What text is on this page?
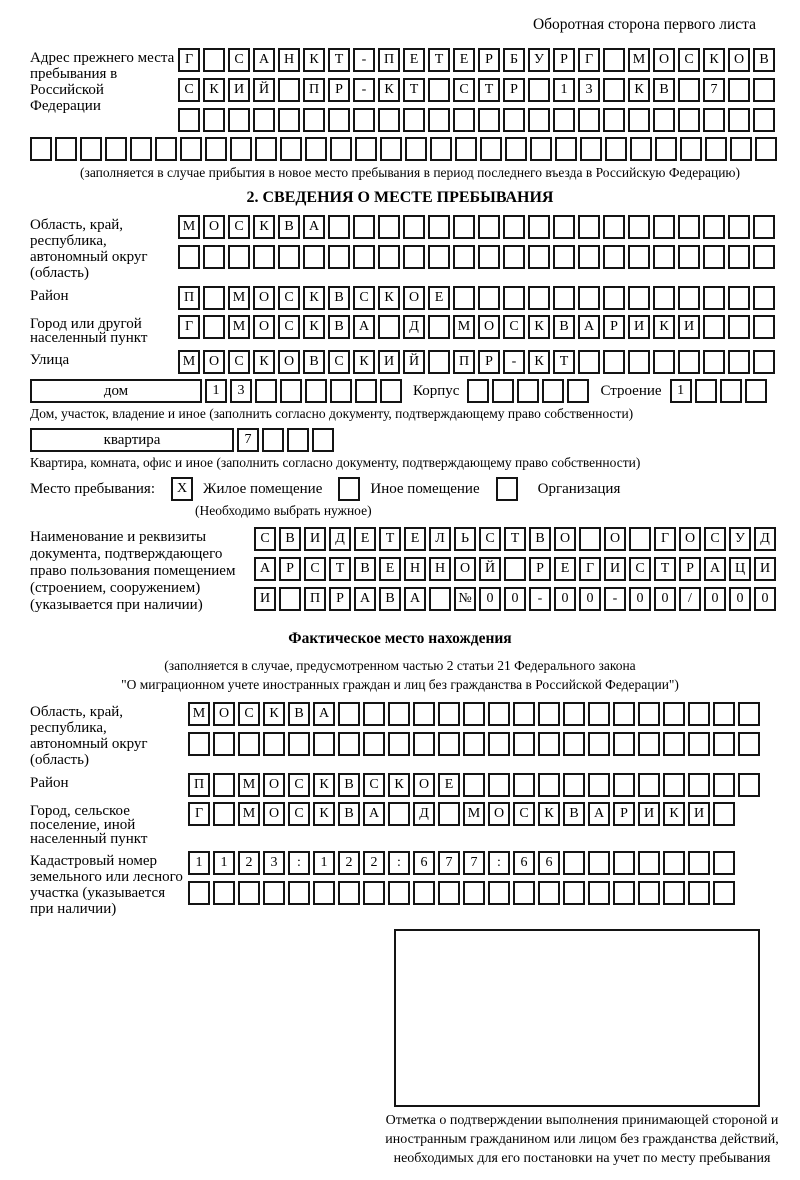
Оборотная сторона первого листа
Адрес прежнего места пребывания в Российской Федерации
Г	С	А	Н	К	Т	-	П	Е	Т	Е	Р	Б	У	Р	Г	М О	С	К	О	В
С	К	И	Й	П	Р	-	К	Т	С	Т	Р	1	3	К	В	7
(заполняется в случае прибытия в новое место пребывания в период последнего въезда в Российскую Федерацию)
2. СВЕДЕНИЯ О МЕСТЕ ПРЕБЫВАНИЯ
Область, край, республика, автономный округ (область)
М О	С	К	В	А
Район	П	М О	С	К	В	С	К	О	Е
Город или другой населенный пункт
Г	М О	С	К	В	А	Д	М О	С	К	В	А	Р	И	К	И
Улица	М О	С	К	О	В	С	К	И	Й	П	Р	-	К	Т
дом	1	3	Корпус	Строение	1
Дом, участок, владение и иное (заполнить согласно документу, подтверждающему право собственности)
квартира	7
Квартира, комната, офис и иное (заполнить согласно документу, подтверждающему право собственности)
Место пребывания:	X	Жилое помещение	Иное помещение	Организация
(Необходимо выбрать нужное)
Наименование и реквизиты документа, подтверждающего право пользования помещением (строением, сооружением) (указывается при наличии)
С	В	И	Д	Е	Т	Е	Л	Ь	С	Т	В	О	О	Г	О	С	У	Д
А	Р	С	Т	В	Е	Н	Н	О	Й	Р	Е	Г	И	С	Т	Р	А	Ц	И
И	П	Р	А	В	А	№	0	0	-	0	0	-	0	0	/	0	0	0
Фактическое место нахождения
(заполняется в случае, предусмотренном частью 2 статьи 21 Федерального закона
"О миграционном учете иностранных граждан и лиц без гражданства в Российской Федерации")
Область, край, республика, автономный округ (область)
М О	С	К	В	А
Район	П	М О	С	К	В	С	К	О	Е
Город, сельское поселение, иной населенный пункт
Г	М О	С	К	В	А	Д	М О	С	К	В	А	Р	И	К	И
Кадастровый номер земельного или лесного участка (указывается при наличии)
1	1	2	3	:	1	2	2	:	6	7	7	:	6	6
Отметка о подтверждении выполнения принимающей стороной и иностранным гражданином или лицом без гражданства действий, необходимых для его постановки на учет по месту пребывания
